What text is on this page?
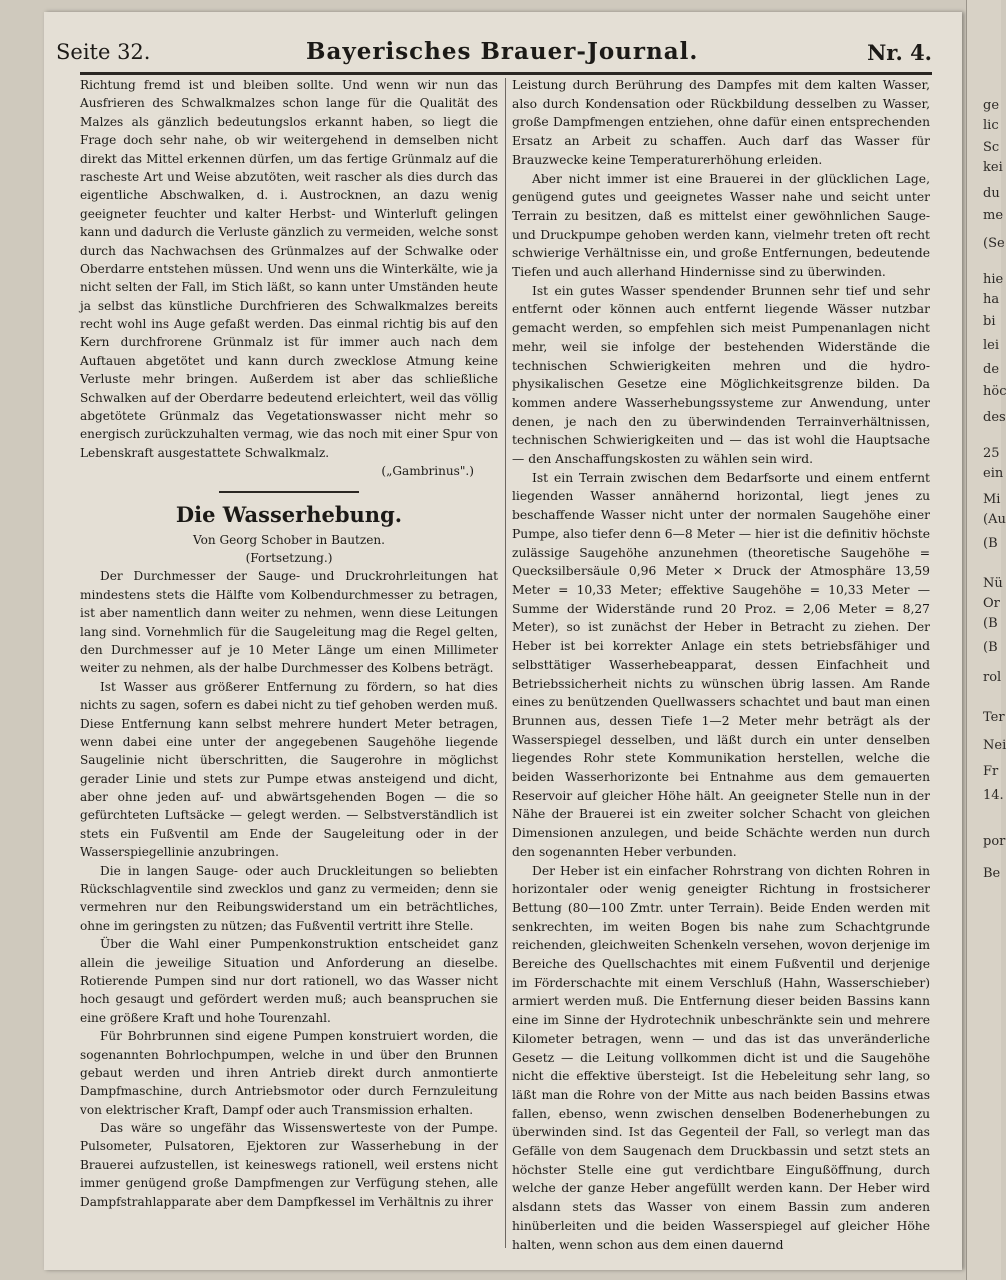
Seite 32.	Bayerisches Brauer-Journal.	Nr. 4.

Richtung fremd ist und bleiben sollte. Und wenn wir nun das Ausfrieren des Schwalkmalzes schon lange für die Qualität des Malzes als gänzlich bedeutungslos erkannt haben, so liegt die Frage doch sehr nahe, ob wir weitergehend in demselben nicht direkt das Mittel erkennen dürfen, um das fertige Grünmalz auf die rascheste Art und Weise abzutöten, weit rascher als dies durch das eigentliche Abschwalken, d. i. Austrocknen, an dazu wenig geeigneter feuchter und kalter Herbst- und Winterluft gelingen kann und dadurch die Verluste gänzlich zu vermeiden, welche sonst durch das Nachwachsen des Grünmalzes auf der Schwalke oder Oberdarre entstehen müssen. Und wenn uns die Winterkälte, wie ja nicht selten der Fall, im Stich läßt, so kann unter Umständen heute ja selbst das künstliche Durchfrieren des Schwalkmalzes bereits recht wohl ins Auge gefaßt werden. Das einmal richtig bis auf den Kern durchfrorene Grünmalz ist für immer auch nach dem Auftauen abgetötet und kann durch zwecklose Atmung keine Verluste mehr bringen. Außerdem ist aber das schließliche Schwalken auf der Oberdarre bedeutend erleichtert, weil das völlig abgetötete Grünmalz das Vegetationswasser nicht mehr so energisch zurückzuhalten vermag, wie das noch mit einer Spur von Lebenskraft ausgestattete Schwalkmalz.

(„Gambrinus".)
Die Wasserhebung.
Von Georg Schober in Bautzen.
(Fortsetzung.)

Der Durchmesser der Sauge- und Druckrohrleitungen hat mindestens stets die Hälfte vom Kolbendurchmesser zu betragen, ist aber namentlich dann weiter zu nehmen, wenn diese Leitungen lang sind. Vornehmlich für die Saugeleitung mag die Regel gelten, den Durchmesser auf je 10 Meter Länge um einen Millimeter weiter zu nehmen, als der halbe Durchmesser des Kolbens beträgt.

Ist Wasser aus größerer Entfernung zu fördern, so hat dies nichts zu sagen, sofern es dabei nicht zu tief gehoben werden muß. Diese Entfernung kann selbst mehrere hundert Meter betragen, wenn dabei eine unter der angegebenen Saugehöhe liegende Saugelinie nicht überschritten, die Saugerohre in möglichst gerader Linie und stets zur Pumpe etwas ansteigend und dicht, aber ohne jeden auf- und abwärtsgehenden Bogen — die so gefürchteten Luftsäcke — gelegt werden. — Selbstverständlich ist stets ein Fußventil am Ende der Saugeleitung oder in der Wasserspiegellinie anzubringen.

Die in langen Sauge- oder auch Druckleitungen so beliebten Rückschlagventile sind zwecklos und ganz zu vermeiden; denn sie vermehren nur den Reibungswiderstand um ein beträchtliches, ohne im geringsten zu nützen; das Fußventil vertritt ihre Stelle.

Über die Wahl einer Pumpenkonstruktion entscheidet ganz allein die jeweilige Situation und Anforderung an dieselbe. Rotierende Pumpen sind nur dort rationell, wo das Wasser nicht hoch gesaugt und gefördert werden muß; auch beanspruchen sie eine größere Kraft und hohe Tourenzahl.

Für Bohrbrunnen sind eigene Pumpen konstruiert worden, die sogenannten Bohrlochpumpen, welche in und über den Brunnen gebaut werden und ihren Antrieb direkt durch anmontierte Dampfmaschine, durch Antriebsmotor oder durch Fernzuleitung von elektrischer Kraft, Dampf oder auch Transmission erhalten.

Das wäre so ungefähr das Wissenswerteste von der Pumpe. Pulsometer, Pulsatoren, Ejektoren zur Wasserhebung in der Brauerei aufzustellen, ist keineswegs rationell, weil erstens nicht immer genügend große Dampfmengen zur Verfügung stehen, alle Dampfstrahlapparate aber dem Dampfkessel im Verhältnis zu ihrer

Leistung durch Berührung des Dampfes mit dem kalten Wasser, also durch Kondensation oder Rückbildung desselben zu Wasser, große Dampfmengen entziehen, ohne dafür einen entsprechenden Ersatz an Arbeit zu schaffen. Auch darf das Wasser für Brauzwecke keine Temperaturerhöhung erleiden.

Aber nicht immer ist eine Brauerei in der glücklichen Lage, genügend gutes und geeignetes Wasser nahe und seicht unter Terrain zu besitzen, daß es mittelst einer gewöhnlichen Sauge- und Druckpumpe gehoben werden kann, vielmehr treten oft recht schwierige Verhältnisse ein, und große Entfernungen, bedeutende Tiefen und auch allerhand Hindernisse sind zu überwinden.

Ist ein gutes Wasser spendender Brunnen sehr tief und sehr entfernt oder können auch entfernt liegende Wässer nutzbar gemacht werden, so empfehlen sich meist Pumpenanlagen nicht mehr, weil sie infolge der bestehenden Widerstände die technischen Schwierigkeiten mehren und die hydro-physikalischen Gesetze eine Möglichkeitsgrenze bilden. Da kommen andere Wasserhebungssysteme zur Anwendung, unter denen, je nach den zu überwindenden Terrainverhältnissen, technischen Schwierigkeiten und — das ist wohl die Hauptsache — den Anschaffungskosten zu wählen sein wird.

Ist ein Terrain zwischen dem Bedarfsorte und einem entfernt liegenden Wasser annähernd horizontal, liegt jenes zu beschaffende Wasser nicht unter der normalen Saugehöhe einer Pumpe, also tiefer denn 6—8 Meter — hier ist die definitiv höchste zulässige Saugehöhe anzunehmen (theoretische Saugehöhe = Quecksilbersäule 0,96 Meter × Druck der Atmosphäre 13,59 Meter = 10,33 Meter; effektive Saugehöhe = 10,33 Meter — Summe der Widerstände rund 20 Proz. = 2,06 Meter = 8,27 Meter), so ist zunächst der Heber in Betracht zu ziehen. Der Heber ist bei korrekter Anlage ein stets betriebsfähiger und selbsttätiger Wasserhebeapparat, dessen Einfachheit und Betriebssicherheit nichts zu wünschen übrig lassen. Am Rande eines zu benützenden Quellwassers schachtet und baut man einen Brunnen aus, dessen Tiefe 1—2 Meter mehr beträgt als der Wasserspiegel desselben, und läßt durch ein unter denselben liegendes Rohr stete Kommunikation herstellen, welche die beiden Wasserhorizonte bei Entnahme aus dem gemauerten Reservoir auf gleicher Höhe hält. An geeigneter Stelle nun in der Nähe der Brauerei ist ein zweiter solcher Schacht von gleichen Dimensionen anzulegen, und beide Schächte werden nun durch den sogenannten Heber verbunden.

Der Heber ist ein einfacher Rohrstrang von dichten Rohren in horizontaler oder wenig geneigter Richtung in frostsicherer Bettung (80—100 Zmtr. unter Terrain). Beide Enden werden mit senkrechten, im weiten Bogen bis nahe zum Schachtgrunde reichenden, gleichweiten Schenkeln versehen, wovon derjenige im Bereiche des Quellschachtes mit einem Fußventil und derjenige im Förderschachte mit einem Verschluß (Hahn, Wasserschieber) armiert werden muß. Die Entfernung dieser beiden Bassins kann eine im Sinne der Hydrotechnik unbeschränkte sein und mehrere Kilometer betragen, wenn — und das ist das unveränderliche Gesetz — die Leitung vollkommen dicht ist und die Saugehöhe nicht die effektive übersteigt. Ist die Hebeleitung sehr lang, so läßt man die Rohre von der Mitte aus nach beiden Bassins etwas fallen, ebenso, wenn zwischen denselben Bodenerhebungen zu überwinden sind. Ist das Gegenteil der Fall, so verlegt man das Gefälle von dem Saugenach dem Druckbassin und setzt stets an höchster Stelle eine gut verdichtbare Eingußöffnung, durch welche der ganze Heber angefüllt werden kann. Der Heber wird alsdann stets das Wasser von einem Bassin zum anderen hinüberleiten und die beiden Wasserspiegel auf gleicher Höhe halten, wenn schon aus dem einen dauernd

ge
lic
Sc
kei
du
me
(Se
hie
ha
bi
lei
de
höc
des
25
ein
Mi
(Au
(B
Nü
Or
(B
(B
rol
Ter
Nei
Fr
14.
por
Be
